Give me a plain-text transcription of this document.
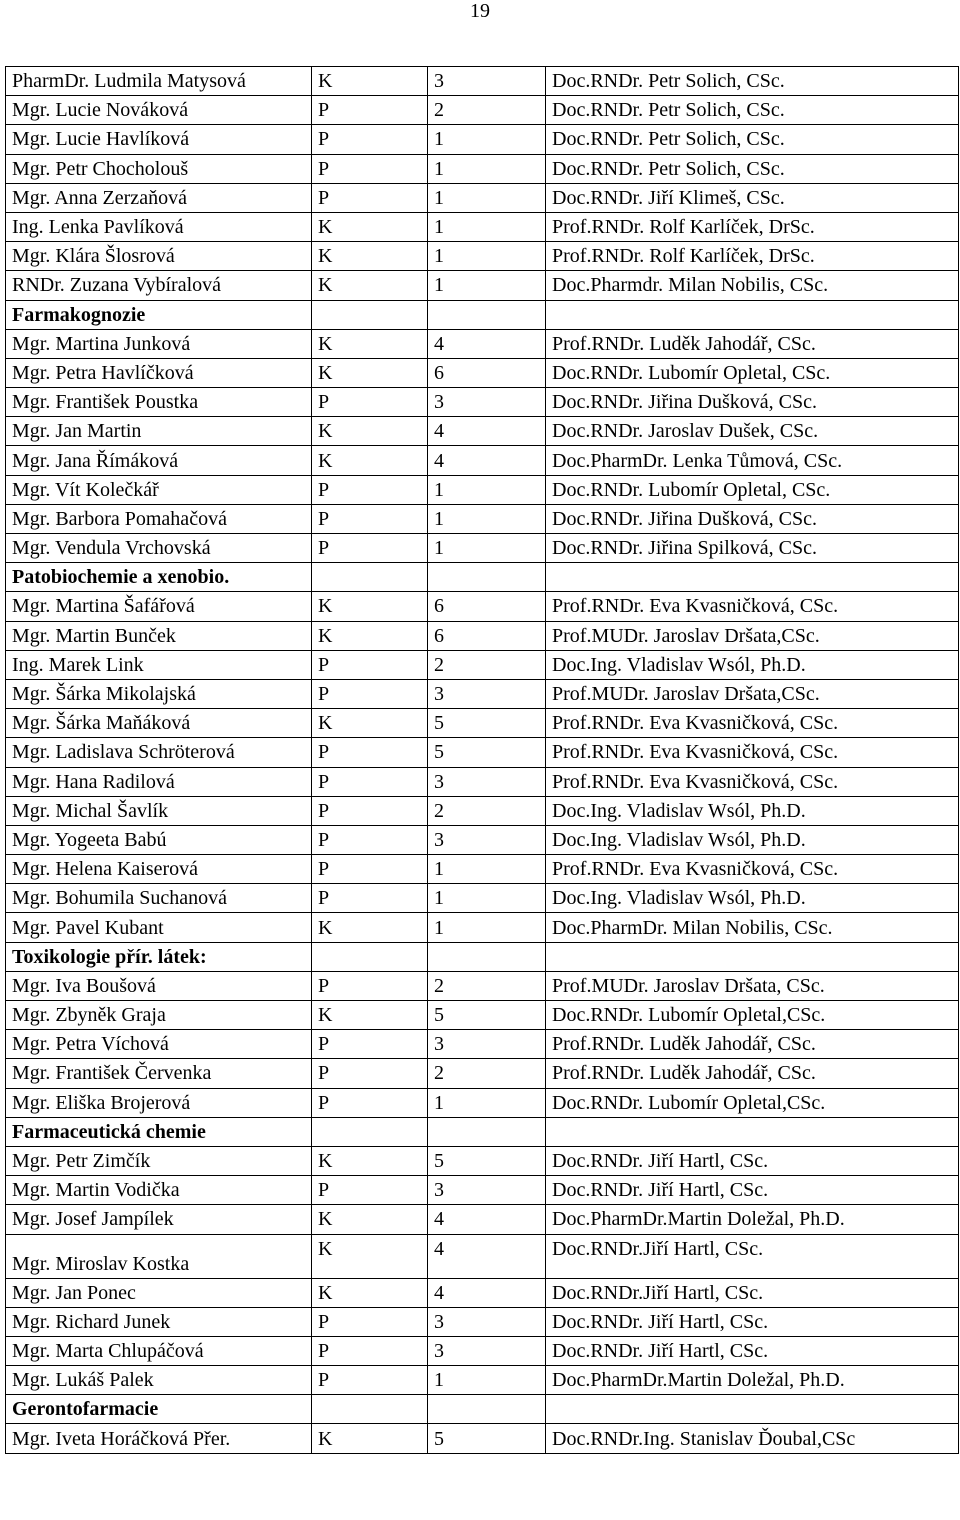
19
PharmDr. Ludmila Matysová	K	3	Doc.RNDr. Petr Solich, CSc.
Mgr. Lucie Nováková	P	2	Doc.RNDr. Petr Solich, CSc.
Mgr. Lucie Havlíková	P	1	Doc.RNDr. Petr Solich, CSc.
Mgr. Petr Chocholouš	P	1	Doc.RNDr. Petr Solich, CSc.
Mgr. Anna Zerzaňová	P	1	Doc.RNDr. Jiří Klimeš, CSc.
Ing. Lenka Pavlíková	K	1	Prof.RNDr. Rolf Karlíček, DrSc.
Mgr. Klára Šlosrová	K	1	Prof.RNDr. Rolf Karlíček, DrSc.
RNDr. Zuzana Vybíralová	K	1	Doc.Pharmdr. Milan Nobilis, CSc.
Farmakognozie			
Mgr. Martina Junková	K	4	Prof.RNDr. Luděk Jahodář, CSc.
Mgr. Petra Havlíčková	K	6	Doc.RNDr. Lubomír Opletal, CSc.
Mgr. František Poustka	P	3	Doc.RNDr. Jiřina Dušková, CSc.
Mgr. Jan Martin	K	4	Doc.RNDr. Jaroslav Dušek, CSc.
Mgr. Jana Římáková	K	4	Doc.PharmDr. Lenka Tůmová, CSc.
Mgr. Vít Kolečkář	P	1	Doc.RNDr. Lubomír Opletal, CSc.
Mgr. Barbora Pomahačová	P	1	Doc.RNDr. Jiřina Dušková, CSc.
Mgr. Vendula Vrchovská	P	1	Doc.RNDr. Jiřina Spilková, CSc.
Patobiochemie a xenobio.			
Mgr. Martina Šafářová	K	6	Prof.RNDr. Eva Kvasničková, CSc.
Mgr. Martin Bunček	K	6	Prof.MUDr. Jaroslav Dršata,CSc.
Ing. Marek Link	P	2	Doc.Ing. Vladislav Wsól, Ph.D.
Mgr. Šárka Mikolajská	P	3	Prof.MUDr. Jaroslav Dršata,CSc.
Mgr. Šárka Maňáková	K	5	Prof.RNDr. Eva Kvasničková, CSc.
Mgr. Ladislava Schröterová	P	5	Prof.RNDr. Eva Kvasničková, CSc.
Mgr. Hana Radilová	P	3	Prof.RNDr. Eva Kvasničková, CSc.
Mgr. Michal Šavlík	P	2	Doc.Ing. Vladislav Wsól, Ph.D.
Mgr. Yogeeta Babú	P	3	Doc.Ing. Vladislav Wsól, Ph.D.
Mgr. Helena Kaiserová	P	1	Prof.RNDr. Eva Kvasničková, CSc.
Mgr. Bohumila Suchanová	P	1	Doc.Ing. Vladislav Wsól, Ph.D.
Mgr. Pavel Kubant	K	1	Doc.PharmDr. Milan Nobilis, CSc.
Toxikologie přír. látek:			
Mgr. Iva Boušová	P	2	Prof.MUDr. Jaroslav Dršata, CSc.
Mgr. Zbyněk Graja	K	5	Doc.RNDr. Lubomír Opletal,CSc.
Mgr. Petra Víchová	P	3	Prof.RNDr. Luděk Jahodář, CSc.
Mgr. František Červenka	P	2	Prof.RNDr. Luděk Jahodář, CSc.
Mgr. Eliška Brojerová	P	1	Doc.RNDr. Lubomír Opletal,CSc.
Farmaceutická chemie			
Mgr. Petr Zimčík	K	5	Doc.RNDr. Jiří Hartl, CSc.
Mgr. Martin Vodička	P	3	Doc.RNDr. Jiří Hartl, CSc.
Mgr. Josef Jampílek	K	4	Doc.PharmDr.Martin Doležal, Ph.D.
Mgr. Miroslav Kostka	K	4	Doc.RNDr.Jiří Hartl, CSc.
Mgr. Jan Ponec	K	4	Doc.RNDr.Jiří Hartl, CSc.
Mgr. Richard Junek	P	3	Doc.RNDr. Jiří Hartl, CSc.
Mgr. Marta Chlupáčová	P	3	Doc.RNDr. Jiří Hartl, CSc.
Mgr. Lukáš Palek	P	1	Doc.PharmDr.Martin Doležal, Ph.D.
Gerontofarmacie			
Mgr. Iveta Horáčková Přer.	K	5	Doc.RNDr.Ing. Stanislav Ďoubal,CSc
